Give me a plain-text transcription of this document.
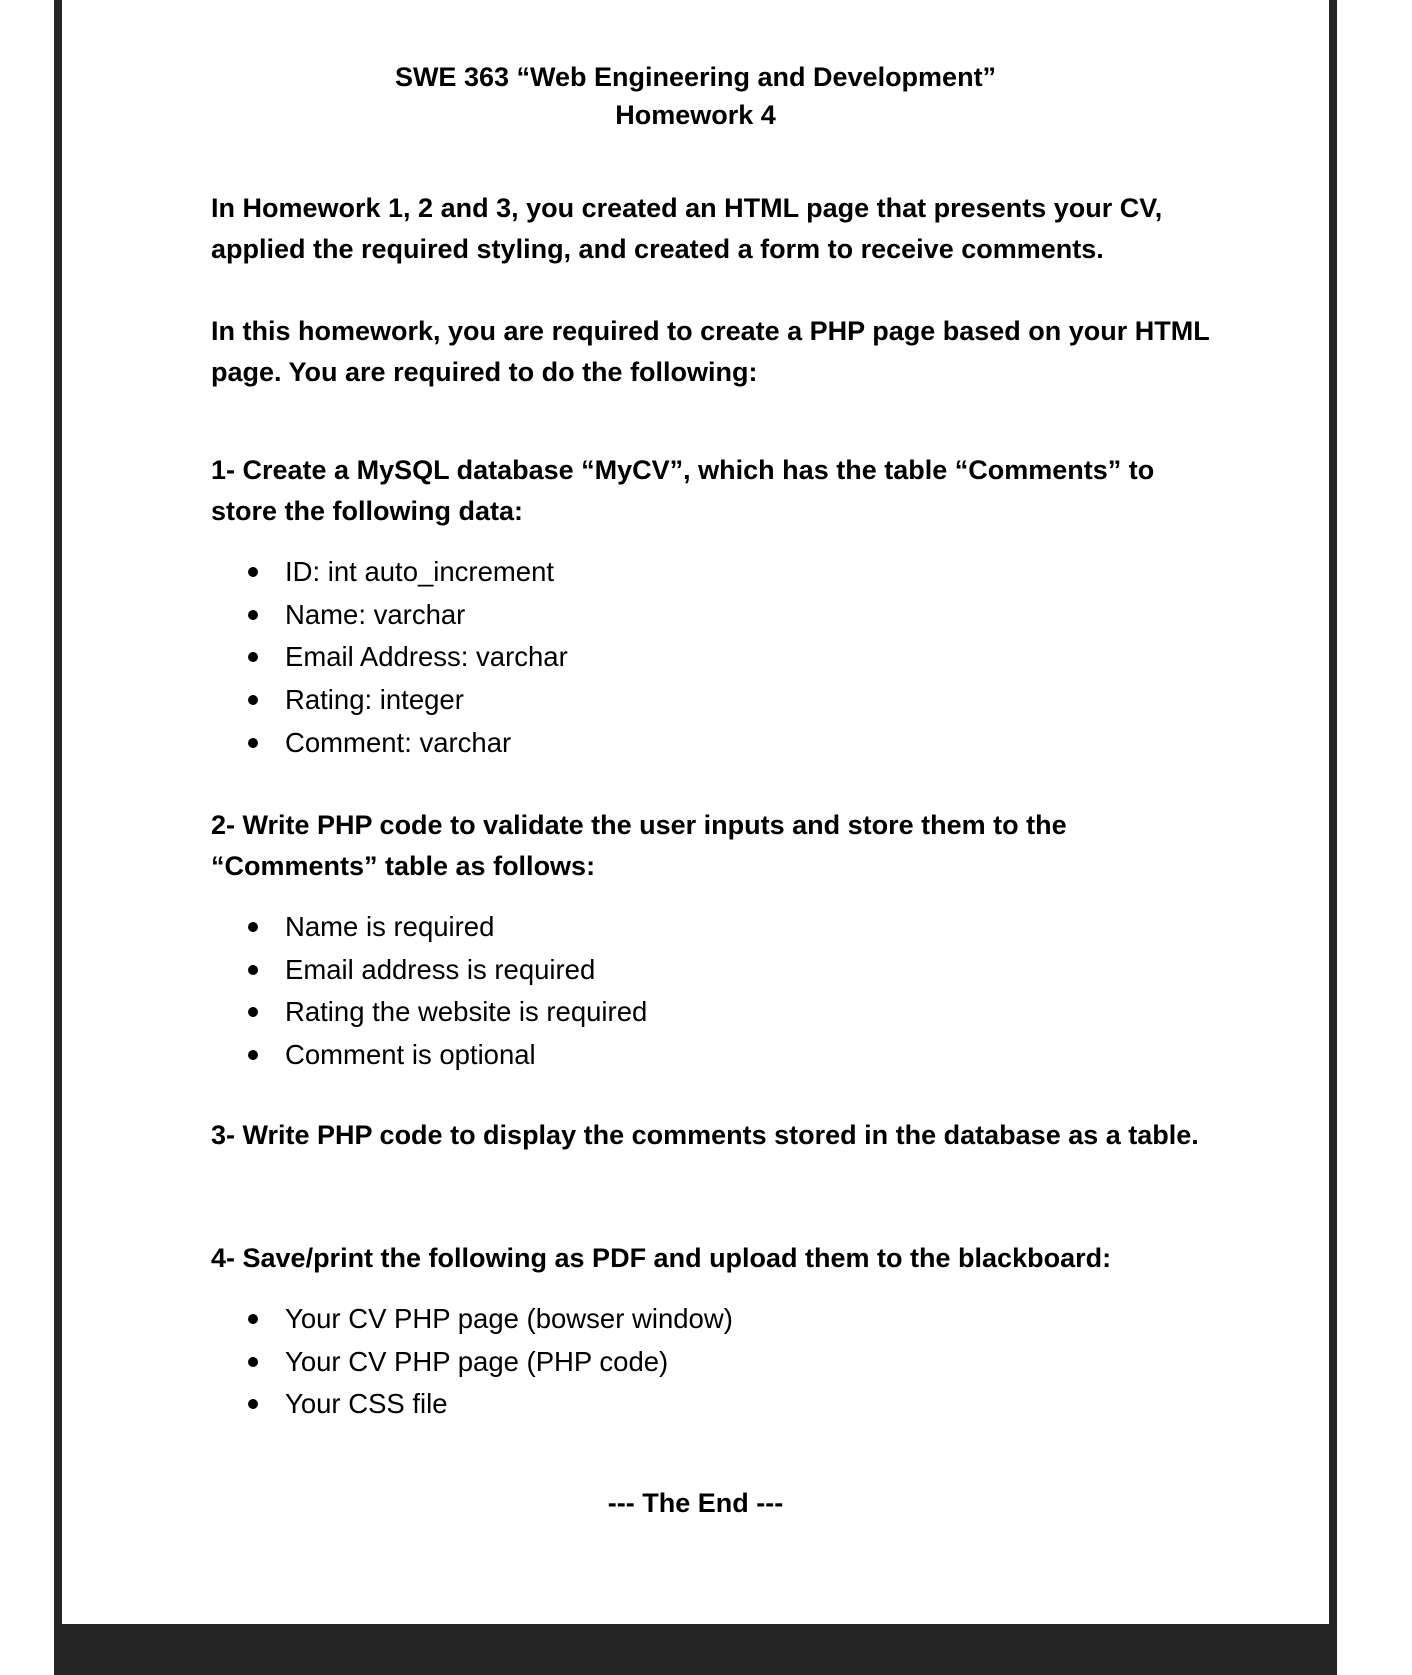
SWE 363 “Web Engineering and Development”
Homework 4
In Homework 1, 2 and 3, you created an HTML page that presents your CV, applied the required styling, and created a form to receive comments.
In this homework, you are required to create a PHP page based on your HTML page. You are required to do the following:
1- Create a MySQL database “MyCV”, which has the table “Comments” to store the following data:
ID: int auto_increment
Name: varchar
Email Address: varchar
Rating: integer
Comment: varchar
2- Write PHP code to validate the user inputs and store them to the “Comments” table as follows:
Name is required
Email address is required
Rating the website is required
Comment is optional
3- Write PHP code to display the comments stored in the database as a table.
4- Save/print the following as PDF and upload them to the blackboard:
Your CV PHP page (bowser window)
Your CV PHP page (PHP code)
Your CSS file
--- The End ---
